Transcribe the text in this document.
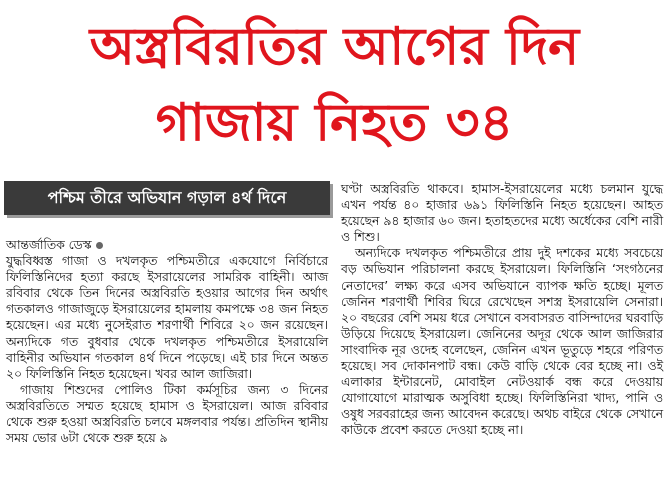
অস্ত্রবিরতির আগের দিন
গাজায় নিহত ৩৪
পশ্চিম তীরে অভিযান গড়াল ৪র্থ দিনে

আন্তর্জাতিক ডেস্ক

যুদ্ধবিধ্বস্ত গাজা ও দখলকৃত পশ্চিমতীরে একযোগে নির্বিচারে ফিলিস্তিনিদের হত্যা করছে ইসরায়েলের সামরিক বাহিনী। আজ রবিবার থেকে তিন দিনের অস্ত্রবিরতি হওয়ার আগের দিন অর্থাৎ গতকালও গাজাজুড়ে ইসরায়েলের হামলায় কমপক্ষে ৩৪ জন নিহত হয়েছেন। এর মধ্যে নুসেইরাত শরণার্থী শিবিরে ২০ জন রয়েছেন। অন্যদিকে গত বুধবার থেকে দখলকৃত পশ্চিমতীরে ইসরায়েলি বাহিনীর অভিযান গতকাল ৪র্থ দিনে পড়েছে। এই চার দিনে অন্তত ২০ ফিলিস্তিনি নিহত হয়েছেন। খবর আল জাজিরা।

গাজায় শিশুদের পোলিও টিকা কর্মসূচির জন্য ৩ দিনের অস্ত্রবিরতিতে সম্মত হয়েছে হামাস ও ইসরায়েল। আজ রবিবার থেকে শুরু হওয়া অস্ত্রবিরতি চলবে মঙ্গলবার পর্যন্ত। প্রতিদিন স্থানীয় সময় ভোর ৬টা থেকে শুরু হয়ে ৯

ঘণ্টা অস্ত্রবিরতি থাকবে। হামাস-ইসরায়েলের মধ্যে চলমান যুদ্ধে এখন পর্যন্ত ৪০ হাজার ৬৯১ ফিলিস্তিনি নিহত হয়েছেন। আহত হয়েছেন ৯৪ হাজার ৬০ জন। হতাহতদের মধ্যে অর্ধেকের বেশি নারী ও শিশু।

অন্যদিকে দখলকৃত পশ্চিমতীরে প্রায় দুই দশকের মধ্যে সবচেয়ে বড় অভিযান পরিচালনা করছে ইসরায়েল। ফিলিস্তিনি ‘সংগঠনের নেতাদের’ লক্ষ্য করে এসব অভিযানে ব্যাপক ক্ষতি হচ্ছে। মূলত জেনিন শরণার্থী শিবির ঘিরে রেখেছেন সশস্ত্র ইসরায়েলি সেনারা। ২০ বছরের বেশি সময় ধরে সেখানে বসবাসরত বাসিন্দাদের ঘরবাড়ি উড়িয়ে দিয়েছে ইসরায়েল। জেনিনের অদূর থেকে আল জাজিরার সাংবাদিক নূর ওদেহ বলেছেন, জেনিন এখন ভূতুড়ে শহরে পরিণত হয়েছে। সব দোকানপাট বন্ধ। কেউ বাড়ি থেকে বের হচ্ছে না। ওই এলাকার ইন্টারনেট, মোবাইল নেটওয়ার্ক বন্ধ করে দেওয়ায় যোগাযোগে মারাত্মক অসুবিধা হচ্ছে। ফিলিস্তিনিরা খাদ্য, পানি ও ওষুধ সরবরাহের জন্য আবেদন করেছে। অথচ বাইরে থেকে সেখানে কাউকে প্রবেশ করতে দেওয়া হচ্ছে না।
